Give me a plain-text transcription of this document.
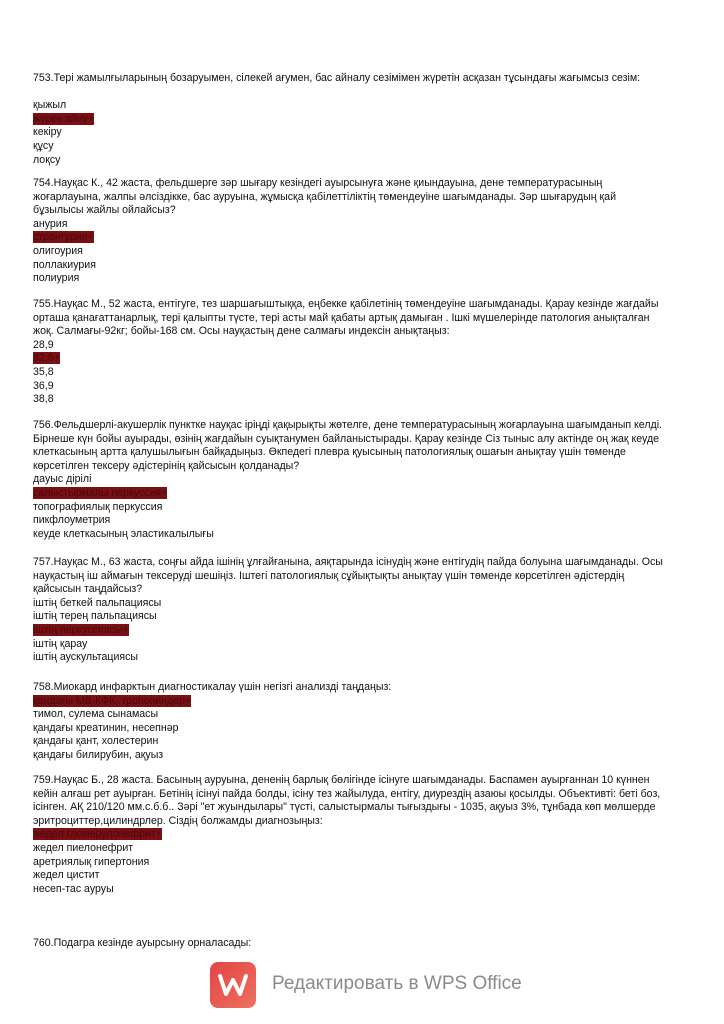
753.Тері жамылғыларының бозаруымен, сілекей ағумен, бас айналу сезімімен жүретін асқазан тұсындағы жағымсыз сезім:
қыжыл
жүрек айну+
кекіру
құсу
лоқсу
754.Науқас К., 42 жаста, фельдшерге зәр шығару кезіндегі ауырсынуға және қиындауына, дене температурасының жоғарлауына, жалпы әлсіздікке, бас ауруына, жұмысқа қабілеттіліктің төмендеуіне шағымданады. Зәр шығарудың қай бұзылысы жайлы ойлайсыз?
анурия
странгурия+
олигоурия
поллакиурия
полиурия
755.Науқас М., 52 жаста, ентігуге, тез шаршағыштыққа, еңбекке қабілетінің төмендеуіне шағымданады. Қарау кезінде жағдайы орташа қанағаттанарлық, тері қалыпты түсте, тері асты май қабаты артық дамыған . Ішкі мүшелерінде патология анықталған жоқ. Салмағы-92кг; бойы-168 см. Осы науқастың дене салмағы индексін анықтаңыз:
28,9
32,6+
35,8
36,9
38,8
756.Фельдшерлі-акушерлік пунктке науқас іріңді қақырықты жөтелге, дене температурасының жоғарлауына шағымданып келді. Бірнеше күн бойы ауырады, өзінің жағдайын суықтанумен байланыстырады. Қарау кезінде Сіз тыныс алу актінде оң жақ кеуде клеткасының артта қалушылығын байқадыңыз. Өкпедегі плевра қуысының патологиялық ошағын анықтау үшін төменде көрсетілген тексеру әдістерінің қайсысын қолданады?
дауыс дірілі
салыстырмалы перкуссия+
топографиялық перкуссия
пикфлоуметрия
кеуде клеткасының эластикалылығы
757.Науқас М., 63 жаста, соңғы айда ішінің ұлғайғанына, аяқтарында ісінудің және ентігудің пайда болуына шағымданады. Осы науқастың іш аймағын тексеруді шешіңіз. Іштегі патологиялық сұйықтықты анықтау үшін төменде көрсетілген әдістердің қайсысын таңдайсыз?
іштің беткей пальпациясы
іштің терең пальпациясы
іштің перкуссиясы+
іштің қарау
іштің аускультациясы
758.Миокард инфарктын диагностикалау үшін негізгі анализді таңдаңыз:
қандағы МВ-КФК, тропониндер+
тимол, сулема сынамасы
қандағы креатинин, несепнәр
қандағы қант, холестерин
қандағы билирубин, ақуыз
759.Науқас Б., 28 жаста. Басының ауруына, дененің барлық бөлігінде ісінуге шағымданады. Баспамен ауырғаннан 10 күннен кейін алғаш рет ауырған. Бетінің ісінуі пайда болды, ісіну тез жайылуда, ентігу, диурездің азаюы қосылды. Объективті: беті боз, ісінген. АҚ 210/120 мм.с.б.б.. Зәрі "ет жуындылары" түсті, салыстырмалы тығыздығы - 1035, ақуыз 3%, тұнбада көп мөлшерде эритроциттер,цилиндрлер. Сіздің болжамды диагнозыңыз:
жедел гломерулонефрит+
жедел пиелонефрит
аретриялық гипертония
жедел цистит
несеп-тас ауруы
760.Подагра кезінде ауырсыну орналасады:
Редактировать в WPS Office
